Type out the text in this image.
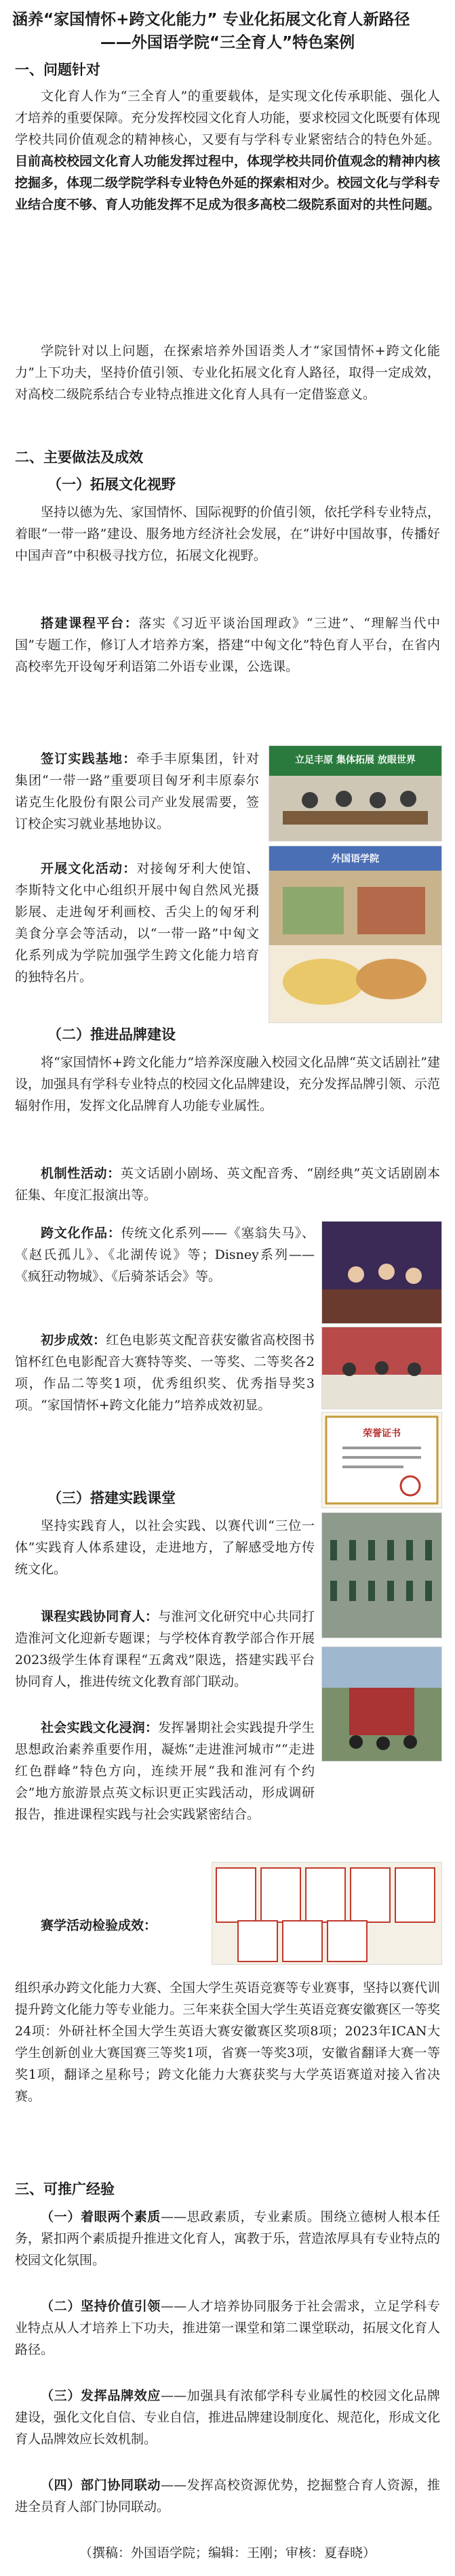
涵养“家国情怀+跨文化能力” 专业化拓展文化育人新路径
——外国语学院“三全育人”特色案例
一、问题针对
文化育人作为“三全育人”的重要载体，是实现文化传承职能、强化人才培养的重要保障。充分发挥校园文化育人功能，要求校园文化既要有体现学校共同价值观念的精神核心，又要有与学科专业紧密结合的特色外延。目前高校校园文化育人功能发挥过程中，体现学校共同价值观念的精神内核挖掘多，体现二级学院学科专业特色外延的探索相对少。校园文化与学科专业结合度不够、育人功能发挥不足成为很多高校二级院系面对的共性问题。
学院针对以上问题，在探索培养外国语类人才“家国情怀+跨文化能力”上下功夫，坚持价值引领、专业化拓展文化育人路径，取得一定成效，对高校二级院系结合专业特点推进文化育人具有一定借鉴意义。
二、主要做法及成效
（一）拓展文化视野
坚持以德为先、家国情怀、国际视野的价值引领，依托学科专业特点，着眼“一带一路”建设、服务地方经济社会发展，在“讲好中国故事，传播好中国声音”中积极寻找方位，拓展文化视野。
搭建课程平台：落实《习近平谈治国理政》“三进”、“理解当代中国”专题工作，修订人才培养方案，搭建“中匈文化”特色育人平台，在省内高校率先开设匈牙利语第二外语专业课，公选课。
立足丰原 集体拓展 放眼世界
签订实践基地：牵手丰原集团，针对集团“一带一路”重要项目匈牙利丰原泰尔诺克生化股份有限公司产业发展需要，签订校企实习就业基地协议。
外国语学院
开展文化活动：对接匈牙利大使馆、李斯特文化中心组织开展中匈自然风光摄影展、走进匈牙利画校、舌尖上的匈牙利美食分享会等活动，以“一带一路”中匈文化系列成为学院加强学生跨文化能力培育的独特名片。
（二）推进品牌建设
将“家国情怀+跨文化能力”培养深度融入校园文化品牌“英文话剧社”建设，加强具有学科专业特点的校园文化品牌建设，充分发挥品牌引领、示范辐射作用，发挥文化品牌育人功能专业属性。
机制性活动：英文话剧小剧场、英文配音秀、“剧经典”英文话剧剧本征集、年度汇报演出等。
跨文化作品：传统文化系列——《塞翁失马》、《赵氏孤儿》、《北湖传说》等；Disney系列——《疯狂动物城》、《后骑茶话会》等。
荣誉证书
初步成效：红色电影英文配音获安徽省高校图书馆杯红色电影配音大赛特等奖、一等奖、二等奖各2项，作品二等奖1项，优秀组织奖、优秀指导奖3项。“家国情怀+跨文化能力”培养成效初显。
（三）搭建实践课堂
坚持实践育人，以社会实践、以赛代训“三位一体”实践育人体系建设，走进地方，了解感受地方传统文化。
课程实践协同育人：与淮河文化研究中心共同打造淮河文化迎新专题课；与学校体育教学部合作开展2023级学生体育课程“五禽戏”限选，搭建实践平台协同育人，推进传统文化教育部门联动。
社会实践文化浸润：发挥暑期社会实践提升学生思想政治素养重要作用，凝炼“走进淮河城市”“走进红色群峰”特色方向，连续开展“我和淮河有个约会”地方旅游景点英文标识更正实践活动，形成调研报告，推进课程实践与社会实践紧密结合。
赛学活动检验成效：
组织承办跨文化能力大赛、全国大学生英语竞赛等专业赛事，坚持以赛代训提升跨文化能力等专业能力。三年来获全国大学生英语竞赛安徽赛区一等奖24项：外研社杯全国大学生英语大赛安徽赛区奖项8项；2023年ICAN大学生创新创业大赛国赛三等奖1项，省赛一等奖3项，安徽省翻译大赛一等奖1项，翻译之星称号；跨文化能力大赛获奖与大学英语赛道对接入省决赛。
三、可推广经验
（一）着眼两个素质——思政素质，专业素质。围绕立德树人根本任务，紧扣两个素质提升推进文化育人，寓教于乐，营造浓厚具有专业特点的校园文化氛围。
（二）坚持价值引领——人才培养协同服务于社会需求，立足学科专业特点从人才培养上下功夫，推进第一课堂和第二课堂联动，拓展文化育人路径。
（三）发挥品牌效应——加强具有浓郁学科专业属性的校园文化品牌建设，强化文化自信、专业自信，推进品牌建设制度化、规范化，形成文化育人品牌效应长效机制。
（四）部门协同联动——发挥高校资源优势，挖掘整合育人资源，推进全员育人部门协同联动。
（撰稿：外国语学院；编辑：王刚；审核：夏春晓）
